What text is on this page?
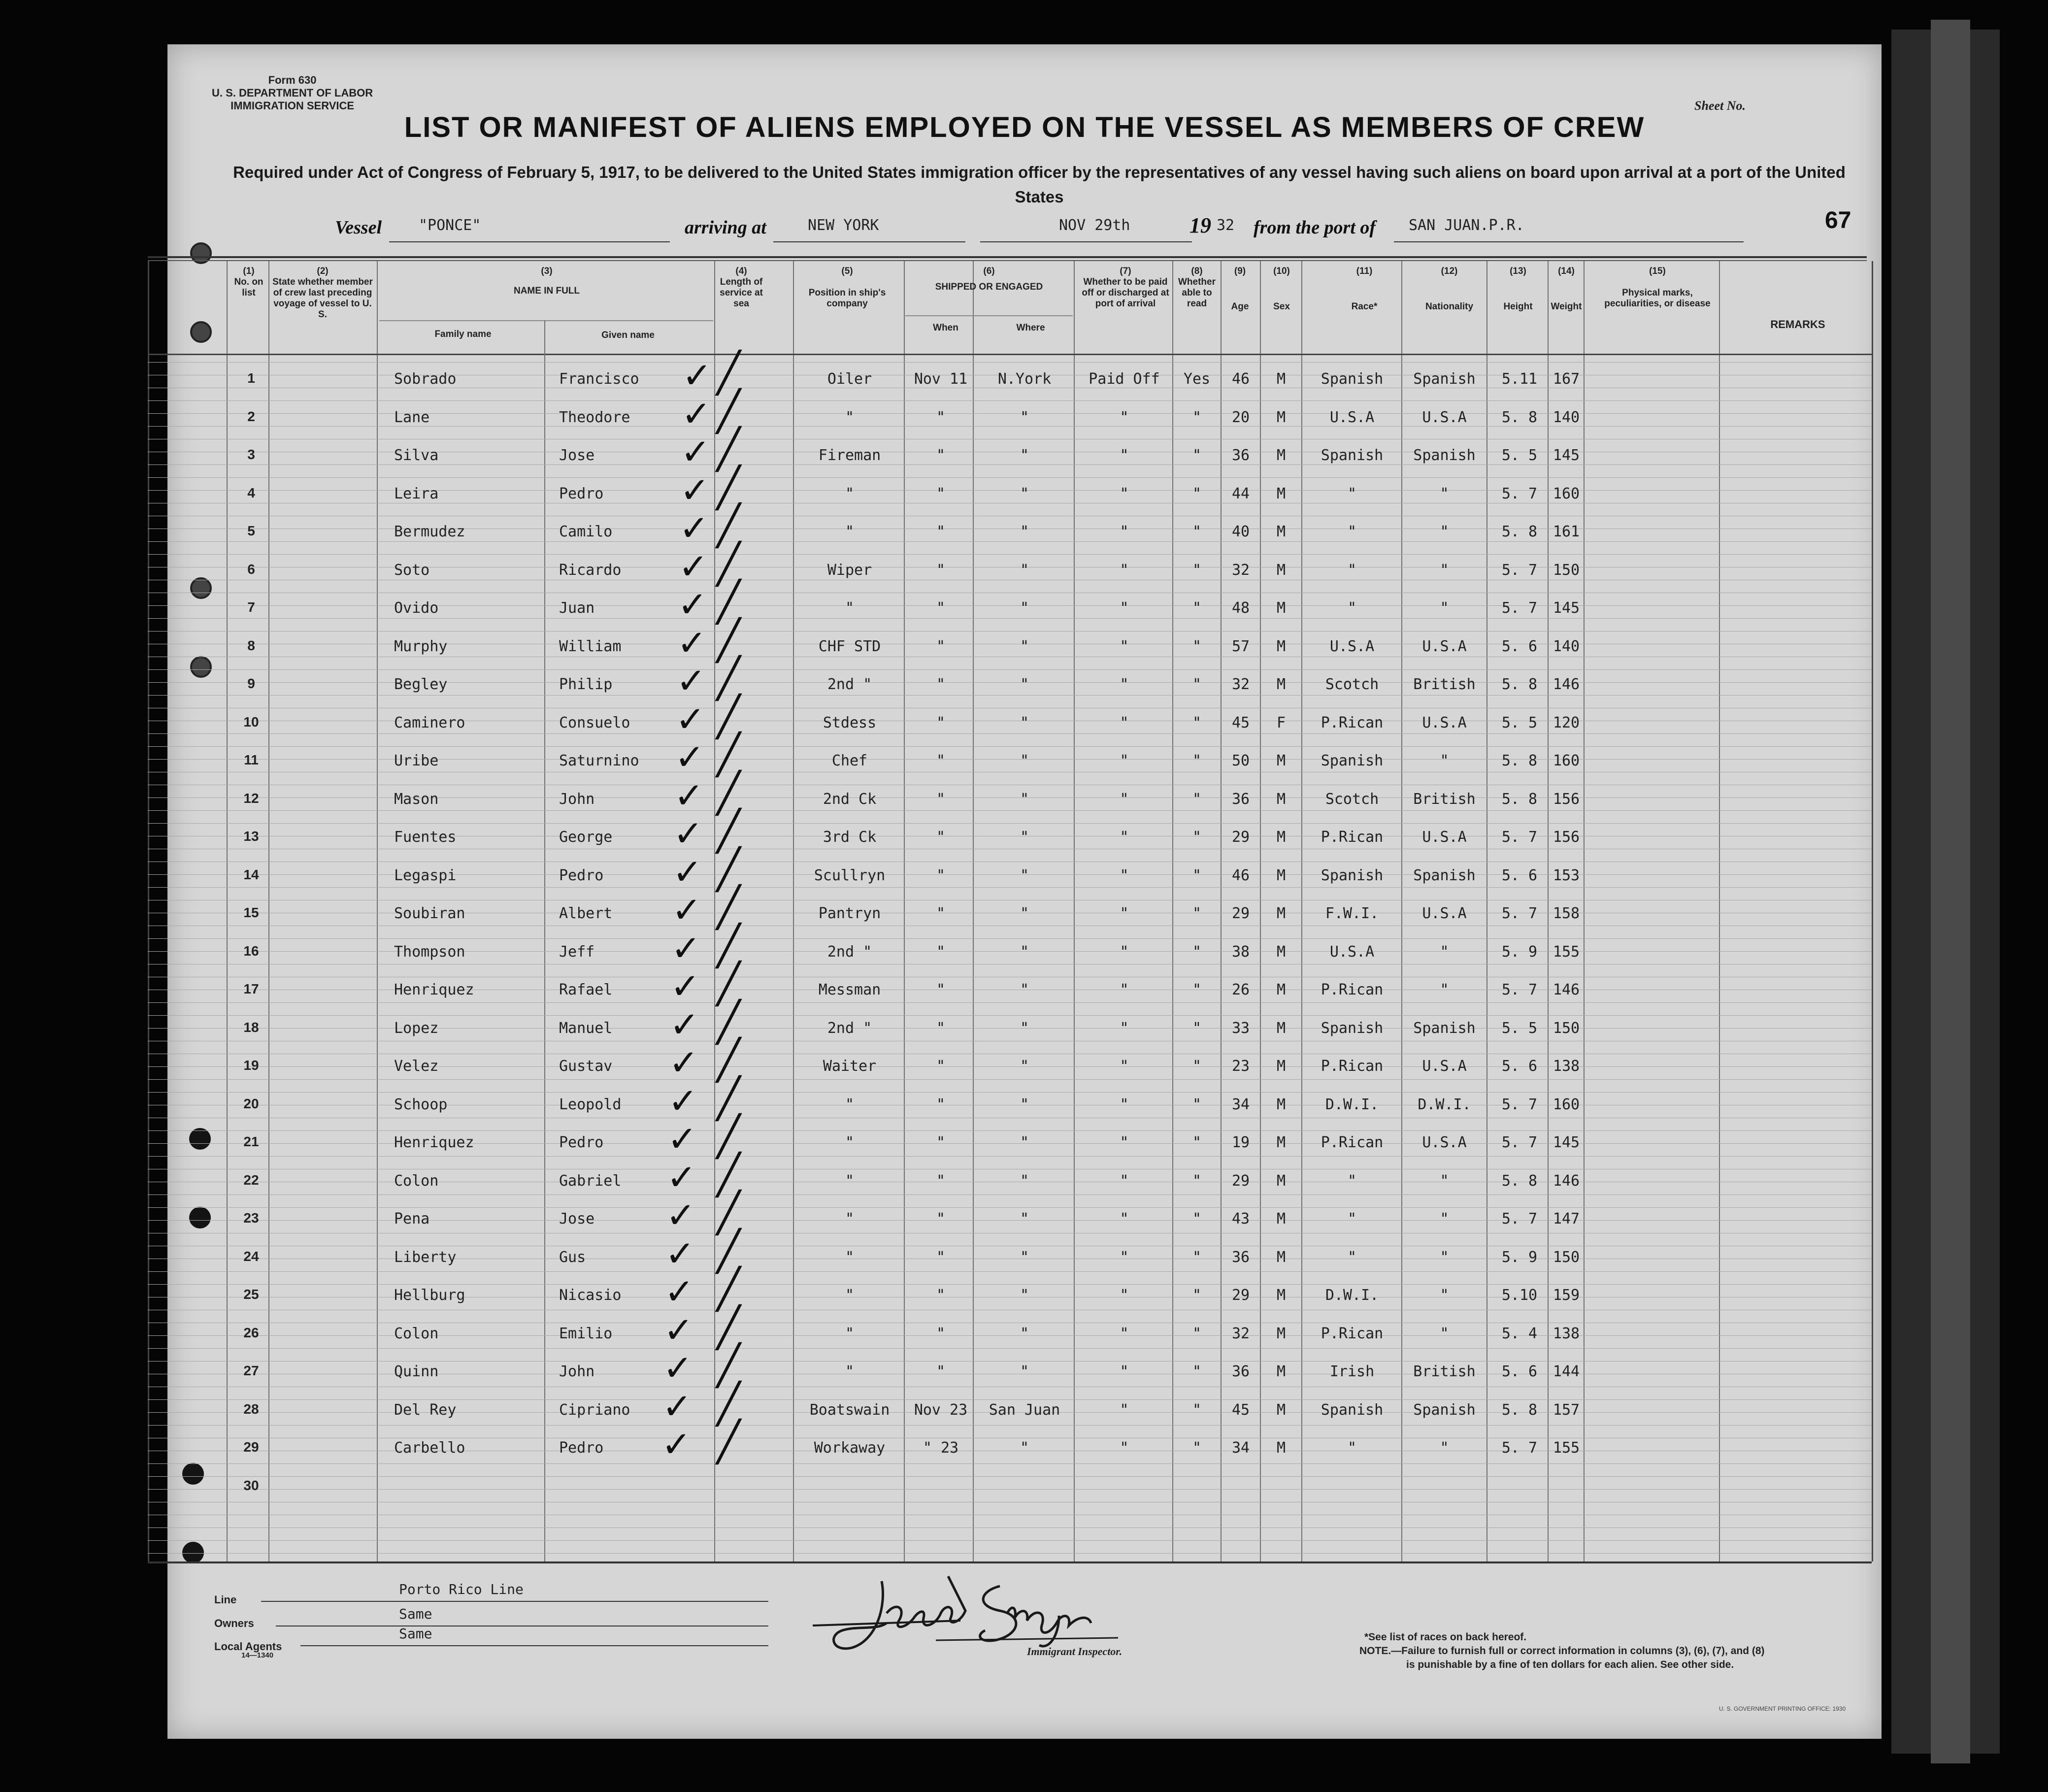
Form 630
U. S. DEPARTMENT OF LABOR
IMMIGRATION SERVICE	Sheet No.
LIST OR MANIFEST OF ALIENS EMPLOYED ON THE VESSEL AS MEMBERS OF CREW
Required under Act of Congress of February 5, 1917, to be delivered to the United States immigration officer by the representatives of any vessel having such aliens on board upon arrival at a port of the United States
Vessel	"PONCE"	arriving at	NEW YORK	NOV 29th	19 32 from the port of SAN JUAN.P.R.	67
1	Sobrado	Francisco	Oiler	Nov 11	N.York	Paid Off	Yes	46	M	Spanish	Spanish	5.11	167
✓ ╱
2	Lane	Theodore	"	"	"	"	"	20	M	U.S.A	U.S.A	5. 8	140
✓ ╱
3	Silva	Jose	Fireman	"	"	"	"	36	M	Spanish	Spanish	5. 5	145
✓ ╱
4	Leira	Pedro	"	"	"	"	"	44	M	"	"	5. 7	160
✓ ╱
5	Bermudez	Camilo	"	"	"	"	"	40	M	"	"	5. 8	161
✓ ╱
6	Soto	Ricardo	Wiper	"	"	"	"	32	M	"	"	5. 7	150
✓ ╱
7	Ovido	Juan	"	"	"	"	"	48	M	"	"	5. 7	145
✓ ╱
8	Murphy	William	CHF STD	"	"	"	"	57	M	U.S.A	U.S.A	5. 6	140
✓ ╱
9	Begley	Philip	2nd "	"	"	"	"	32	M	Scotch	British	5. 8	146
✓ ╱
10	Caminero	Consuelo	Stdess	"	"	"	"	45	F	P.Rican	U.S.A	5. 5	120
✓ ╱
11	Uribe	Saturnino	Chef	"	"	"	"	50	M	Spanish	"	5. 8	160
✓ ╱
12	Mason	John	2nd Ck	"	"	"	"	36	M	Scotch	British	5. 8	156
✓ ╱
13	Fuentes	George	3rd Ck	"	"	"	"	29	M	P.Rican	U.S.A	5. 7	156
✓ ╱
14	Legaspi	Pedro	Scullryn	"	"	"	"	46	M	Spanish	Spanish	5. 6	153
✓ ╱
15	Soubiran	Albert	Pantryn	"	"	"	"	29	M	F.W.I.	U.S.A	5. 7	158
✓ ╱
16	Thompson	Jeff	2nd "	"	"	"	"	38	M	U.S.A	"	5. 9	155
✓ ╱
17	Henriquez	Rafael	Messman	"	"	"	"	26	M	P.Rican	"	5. 7	146
✓ ╱
18	Lopez	Manuel	2nd "	"	"	"	"	33	M	Spanish	Spanish	5. 5	150
✓ ╱
19	Velez	Gustav	Waiter	"	"	"	"	23	M	P.Rican	U.S.A	5. 6	138
✓ ╱
20	Schoop	Leopold	"	"	"	"	"	34	M	D.W.I.	D.W.I.	5. 7	160
✓ ╱
21	Henriquez	Pedro	"	"	"	"	"	19	M	P.Rican	U.S.A	5. 7	145
✓ ╱
22	Colon	Gabriel	"	"	"	"	"	29	M	"	"	5. 8	146
✓ ╱
23	Pena	Jose	"	"	"	"	"	43	M	"	"	5. 7	147
✓ ╱
24	Liberty	Gus	"	"	"	"	"	36	M	"	"	5. 9	150
✓ ╱
25	Hellburg	Nicasio	"	"	"	"	"	29	M	D.W.I.	"	5.10	159
✓ ╱
26	Colon	Emilio	"	"	"	"	"	32	M	P.Rican	"	5. 4	138
✓ ╱
27	Quinn	John	"	"	"	"	"	36	M	Irish	British	5. 6	144
✓ ╱
28	Del Rey	Cipriano	Boatswain	Nov 23	San Juan	"	"	45	M	Spanish	Spanish	5. 8	157
✓ ╱
29	Carbello	Pedro	Workaway	" 23	"	"	"	34	M	"	"	5. 7	155
✓ ╱
30
(1)
No. on list
(2)
State whether member of crew last preceding voyage of vessel to U. S.
(3)
NAME IN FULL
Family name	Given name
(4)
Length of service at sea
(5)
Position in ship's company
(6)
SHIPPED OR ENGAGED
When	Where
(7)
Whether to be paid off or discharged at port of arrival
(8)
Whether able to read
(9)
Age
(10)
Sex
(11)
Race*
(12)
Nationality
(13)
Height
(14)
Weight
(15)
Physical marks, peculiarities, or disease
REMARKS
Line
Porto Rico Line
Owners
Same
Local Agents
Same
14—1340	Immigrant Inspector.
*See list of races on back hereof.
NOTE.—Failure to furnish full or correct information in columns (3), (6), (7), and (8)
is punishable by a fine of ten dollars for each alien. See other side.
U. S. GOVERNMENT PRINTING OFFICE: 1930
